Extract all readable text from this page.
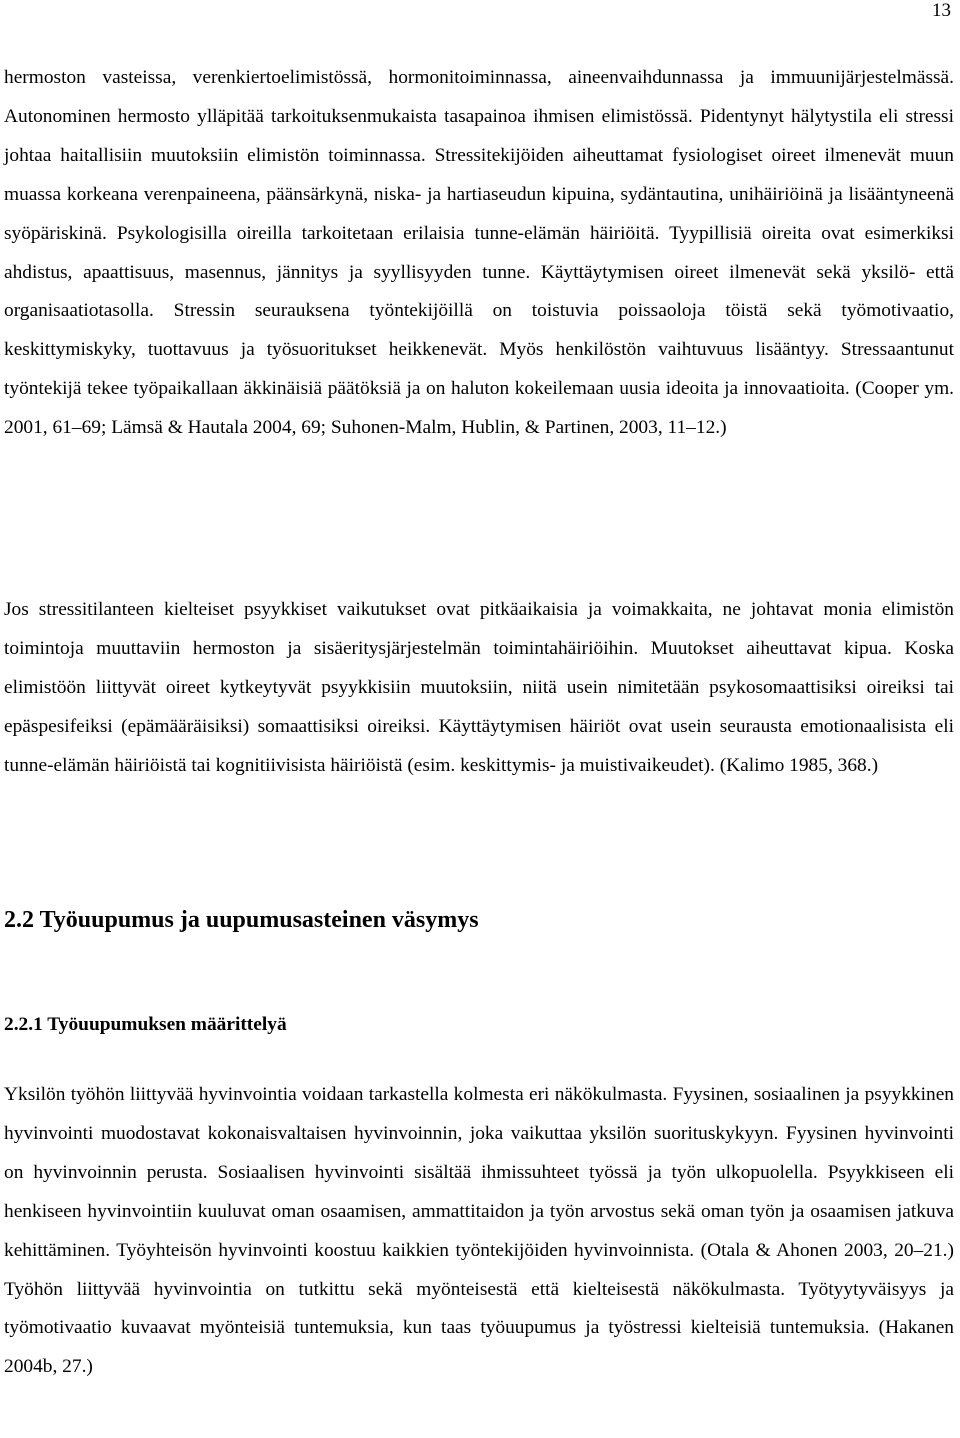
13

hermoston vasteissa, verenkiertoelimistössä, hormonitoiminnassa, aineenvaihdunnassa ja immuunijärjestelmässä. Autonominen hermosto ylläpitää tarkoituksenmukaista tasapainoa ihmisen elimistössä. Pidentynyt hälytystila eli stressi johtaa haitallisiin muutoksiin elimistön toiminnassa. Stressitekijöiden aiheuttamat fysiologiset oireet ilmenevät muun muassa korkeana verenpaineena, päänsärkynä, niska- ja hartiaseudun kipuina, sydäntautina, unihäiriöinä ja lisääntyneenä syöpäriskinä. Psykologisilla oireilla tarkoitetaan erilaisia tunne-elämän häiriöitä. Tyypillisiä oireita ovat esimerkiksi ahdistus, apaattisuus, masennus, jännitys ja syyllisyyden tunne. Käyttäytymisen oireet ilmenevät sekä yksilö- että organisaatiotasolla. Stressin seurauksena työntekijöillä on toistuvia poissaoloja töistä sekä työmotivaatio, keskittymiskyky, tuottavuus ja työsuoritukset heikkenevät. Myös henkilöstön vaihtuvuus lisääntyy. Stressaantunut työntekijä tekee työpaikallaan äkkinäisiä päätöksiä ja on haluton kokeilemaan uusia ideoita ja innovaatioita. (Cooper ym. 2001, 61–69; Lämsä & Hautala 2004, 69; Suhonen-Malm, Hublin, & Partinen, 2003, 11–12.)

Jos stressitilanteen kielteiset psyykkiset vaikutukset ovat pitkäaikaisia ja voimakkaita, ne johtavat monia elimistön toimintoja muuttaviin hermoston ja sisäeritysjärjestelmän toimintahäiriöihin. Muutokset aiheuttavat kipua. Koska elimistöön liittyvät oireet kytkeytyvät psyykkisiin muutoksiin, niitä usein nimitetään psykosomaattisiksi oireiksi tai epäspesifeiksi (epämääräisiksi) somaattisiksi oireiksi. Käyttäytymisen häiriöt ovat usein seurausta emotionaalisista eli tunne-elämän häiriöistä tai kognitiivisista häiriöistä (esim. keskittymis- ja muistivaikeudet). (Kalimo 1985, 368.)

2.2 Työuupumus ja uupumusasteinen väsymys
2.2.1 Työuupumuksen määrittelyä

Yksilön työhön liittyvää hyvinvointia voidaan tarkastella kolmesta eri näkökulmasta. Fyysinen, sosiaalinen ja psyykkinen hyvinvointi muodostavat kokonaisvaltaisen hyvinvoinnin, joka vaikuttaa yksilön suorituskykyyn. Fyysinen hyvinvointi on hyvinvoinnin perusta. Sosiaalisen hyvinvointi sisältää ihmissuhteet työssä ja työn ulkopuolella. Psyykkiseen eli henkiseen hyvinvointiin kuuluvat oman osaamisen, ammattitaidon ja työn arvostus sekä oman työn ja osaamisen jatkuva kehittäminen. Työyhteisön hyvinvointi koostuu kaikkien työntekijöiden hyvinvoinnista. (Otala & Ahonen 2003, 20–21.) Työhön liittyvää hyvinvointia on tutkittu sekä myönteisestä että kielteisestä näkökulmasta. Työtyytyväisyys ja työmotivaatio kuvaavat myönteisiä tuntemuksia, kun taas työuupumus ja työstressi kielteisiä tuntemuksia. (Hakanen 2004b, 27.)
